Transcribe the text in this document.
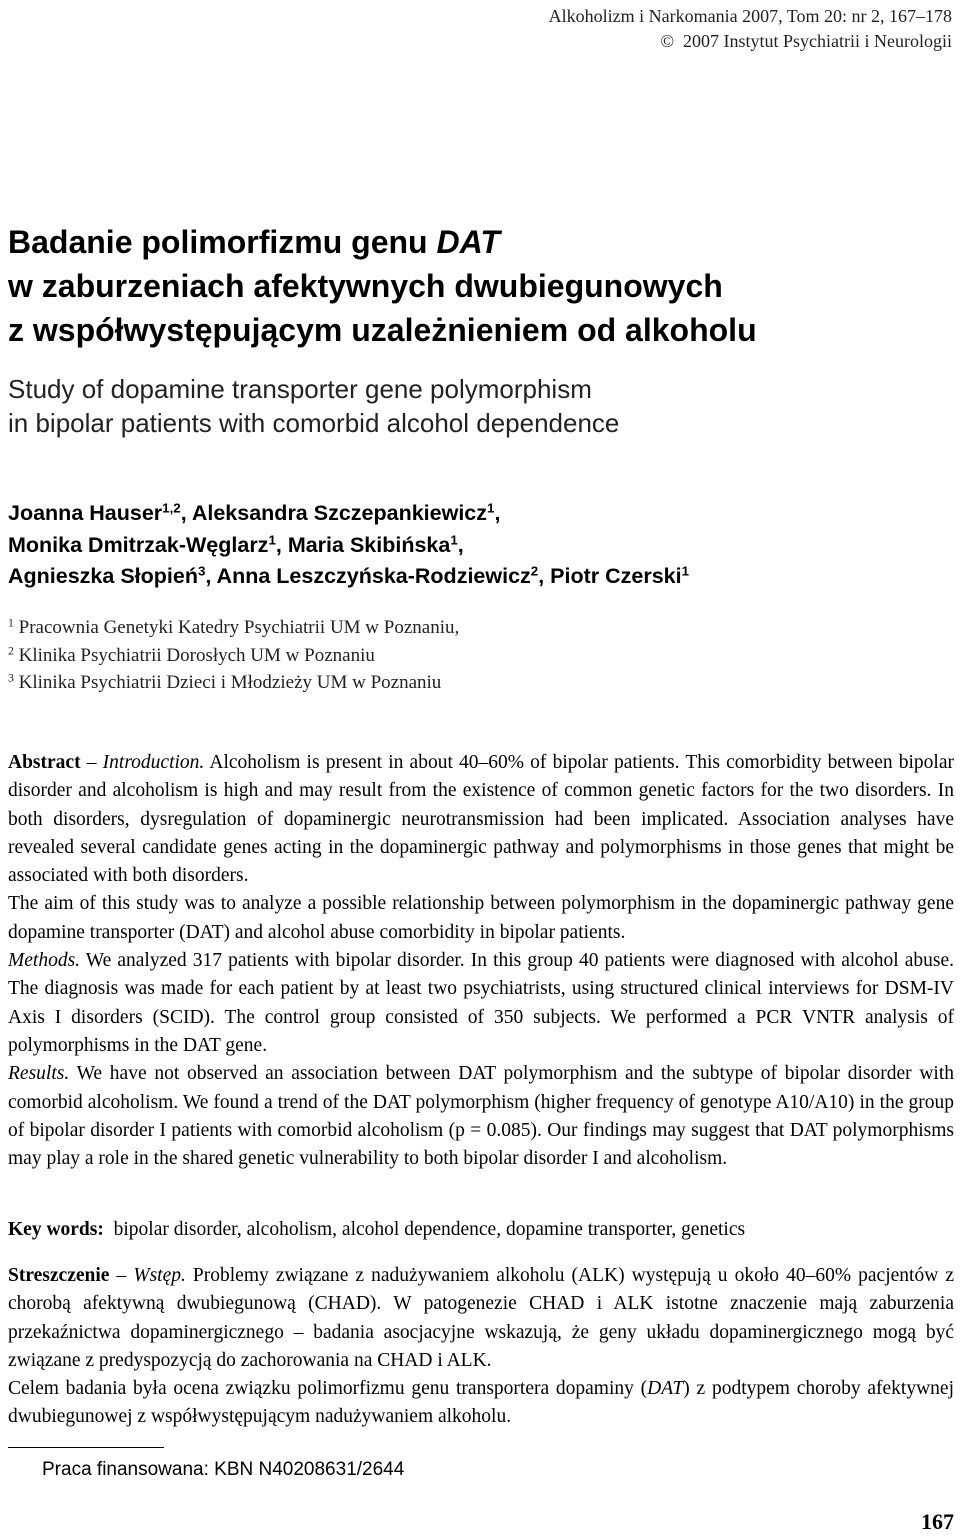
Alkoholizm i Narkomania 2007, Tom 20: nr 2, 167–178
© 2007 Instytut Psychiatrii i Neurologii
Badanie polimorfizmu genu DAT
w zaburzeniach afektywnych dwubiegunowych
z współwystępującym uzależnieniem od alkoholu
Study of dopamine transporter gene polymorphism
in bipolar patients with comorbid alcohol dependence
Joanna Hauser$^{1,2}$, Aleksandra Szczepankiewicz$^1$,
Monika Dmitrzak-Węglarz$^1$, Maria Skibińska$^1$,
Agnieszka Słopień$^3$, Anna Leszczyńska-Rodziewicz$^2$, Piotr Czerski$^1$
$^1$ Pracownia Genetyki Katedry Psychiatrii UM w Poznaniu,
$^2$ Klinika Psychiatrii Dorosłych UM w Poznaniu
$^3$ Klinika Psychiatrii Dzieci i Młodzieży UM w Poznaniu

Abstract – Introduction. Alcoholism is present in about 40–60% of bipolar patients. This comorbidity between bipolar disorder and alcoholism is high and may result from the existence of common genetic factors for the two disorders. In both disorders, dysregulation of dopaminergic neurotransmission had been implicated. Association analyses have revealed several candidate genes acting in the dopaminergic pathway and polymorphisms in those genes that might be associated with both disorders.

The aim of this study was to analyze a possible relationship between polymorphism in the dopaminergic pathway gene dopamine transporter (DAT) and alcohol abuse comorbidity in bipolar patients.

Methods. We analyzed 317 patients with bipolar disorder. In this group 40 patients were diagnosed with alcohol abuse. The diagnosis was made for each patient by at least two psychiatrists, using structured clinical interviews for DSM-IV Axis I disorders (SCID). The control group consisted of 350 subjects. We performed a PCR VNTR analysis of polymorphisms in the DAT gene.

Results. We have not observed an association between DAT polymorphism and the subtype of bipolar disorder with comorbid alcoholism. We found a trend of the DAT polymorphism (higher frequency of genotype A10/A10) in the group of bipolar disorder I patients with comorbid alcoholism (p = 0.085). Our findings may suggest that DAT polymorphisms may play a role in the shared genetic vulnerability to both bipolar disorder I and alcoholism.

Key words: bipolar disorder, alcoholism, alcohol dependence, dopamine transporter, genetics

Streszczenie – Wstęp. Problemy związane z nadużywaniem alkoholu (ALK) występują u około 40–60% pacjentów z chorobą afektywną dwubiegunową (CHAD). W patogenezie CHAD i ALK istotne znaczenie mają zaburzenia przekaźnictwa dopaminergicznego – badania asocjacyjne wskazują, że geny układu dopaminergicznego mogą być związane z predyspozycją do zachorowania na CHAD i ALK.

Celem badania była ocena związku polimorfizmu genu transportera dopaminy (DAT) z podtypem choroby afektywnej dwubiegunowej z współwystępującym nadużywaniem alkoholu.

Praca finansowana: KBN N40208631/2644
167
